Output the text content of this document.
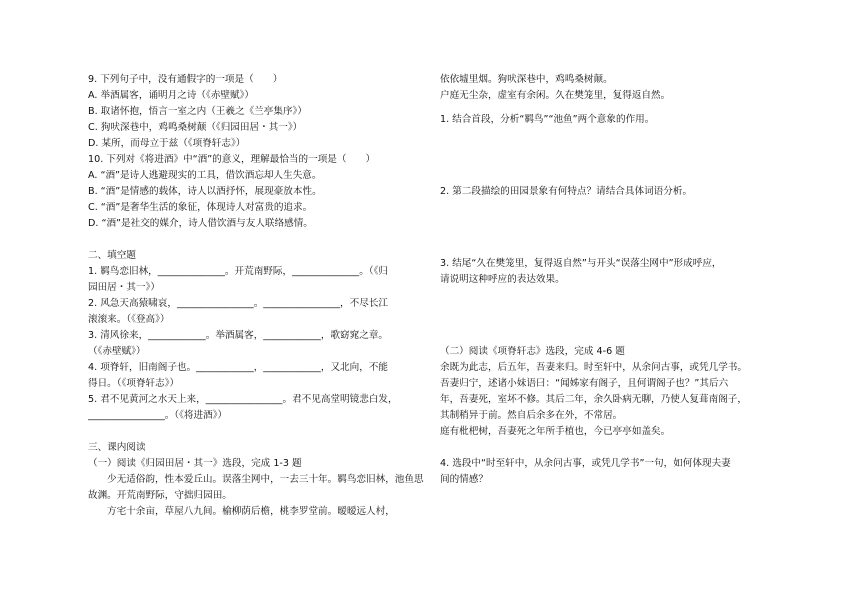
9. 下列句子中，没有通假字的一项是（　　）
A. 举酒属客，诵明月之诗（《赤壁赋》）
B. 取诸怀抱，悟言一室之内（王羲之《兰亭集序》）
C. 狗吠深巷中，鸡鸣桑树颠（《归园田居・其一》）
D. 某所，而母立于兹（《项脊轩志》）
10. 下列对《将进酒》中“酒”的意义，理解最恰当的一项是（　　）
A. “酒”是诗人逃避现实的工具，借饮酒忘却人生失意。
B. “酒”是情感的载体，诗人以酒抒怀，展现豪放本性。
C. “酒”是奢华生活的象征，体现诗人对富贵的追求。
D. “酒”是社交的媒介，诗人借饮酒与友人联络感情。
二、填空题
1. 羁鸟恋旧林，______________。开荒南野际，______________。（《归
园田居・其一》）
2. 风急天高猿啸哀，________________。________________，不尽长江
滚滚来。（《登高》）
3. 清风徐来，____________。举酒属客，____________，歌窈窕之章。
（《赤壁赋》）
4. 项脊轩，旧南阁子也。____________，____________，又北向，不能
得日。（《项脊轩志》）
5. 君不见黄河之水天上来，________________。君不见高堂明镜悲白发，
________________。（《将进酒》）
三、课内阅读
（一）阅读《归园田居・其一》选段，完成 1-3 题
少无适俗韵，性本爱丘山。误落尘网中，一去三十年。羁鸟恋旧林，池鱼思故渊。开荒南野际，守拙归园田。
方宅十余亩，草屋八九间。榆柳荫后檐，桃李罗堂前。暧暧远人村，
依依墟里烟。狗吠深巷中，鸡鸣桑树颠。
户庭无尘杂，虚室有余闲。久在樊笼里，复得返自然。
1. 结合首段，分析“羁鸟”“池鱼”两个意象的作用。
2. 第二段描绘的田园景象有何特点？请结合具体词语分析。
3. 结尾“久在樊笼里，复得返自然”与开头“误落尘网中”形成呼应，
请说明这种呼应的表达效果。
（二）阅读《项脊轩志》选段，完成 4-6 题
余既为此志，后五年，吾妻来归。时至轩中，从余问古事，或凭几学书。
吾妻归宁，述诸小妹语曰：“闻姊家有阁子，且何谓阁子也？”其后六
年，吾妻死，室坏不修。其后二年，余久卧病无聊，乃使人复葺南阁子，
其制稍异于前。然自后余多在外，不常居。
庭有枇杷树，吾妻死之年所手植也，今已亭亭如盖矣。
4. 选段中“时至轩中，从余问古事，或凭几学书”一句，如何体现夫妻
间的情感？
